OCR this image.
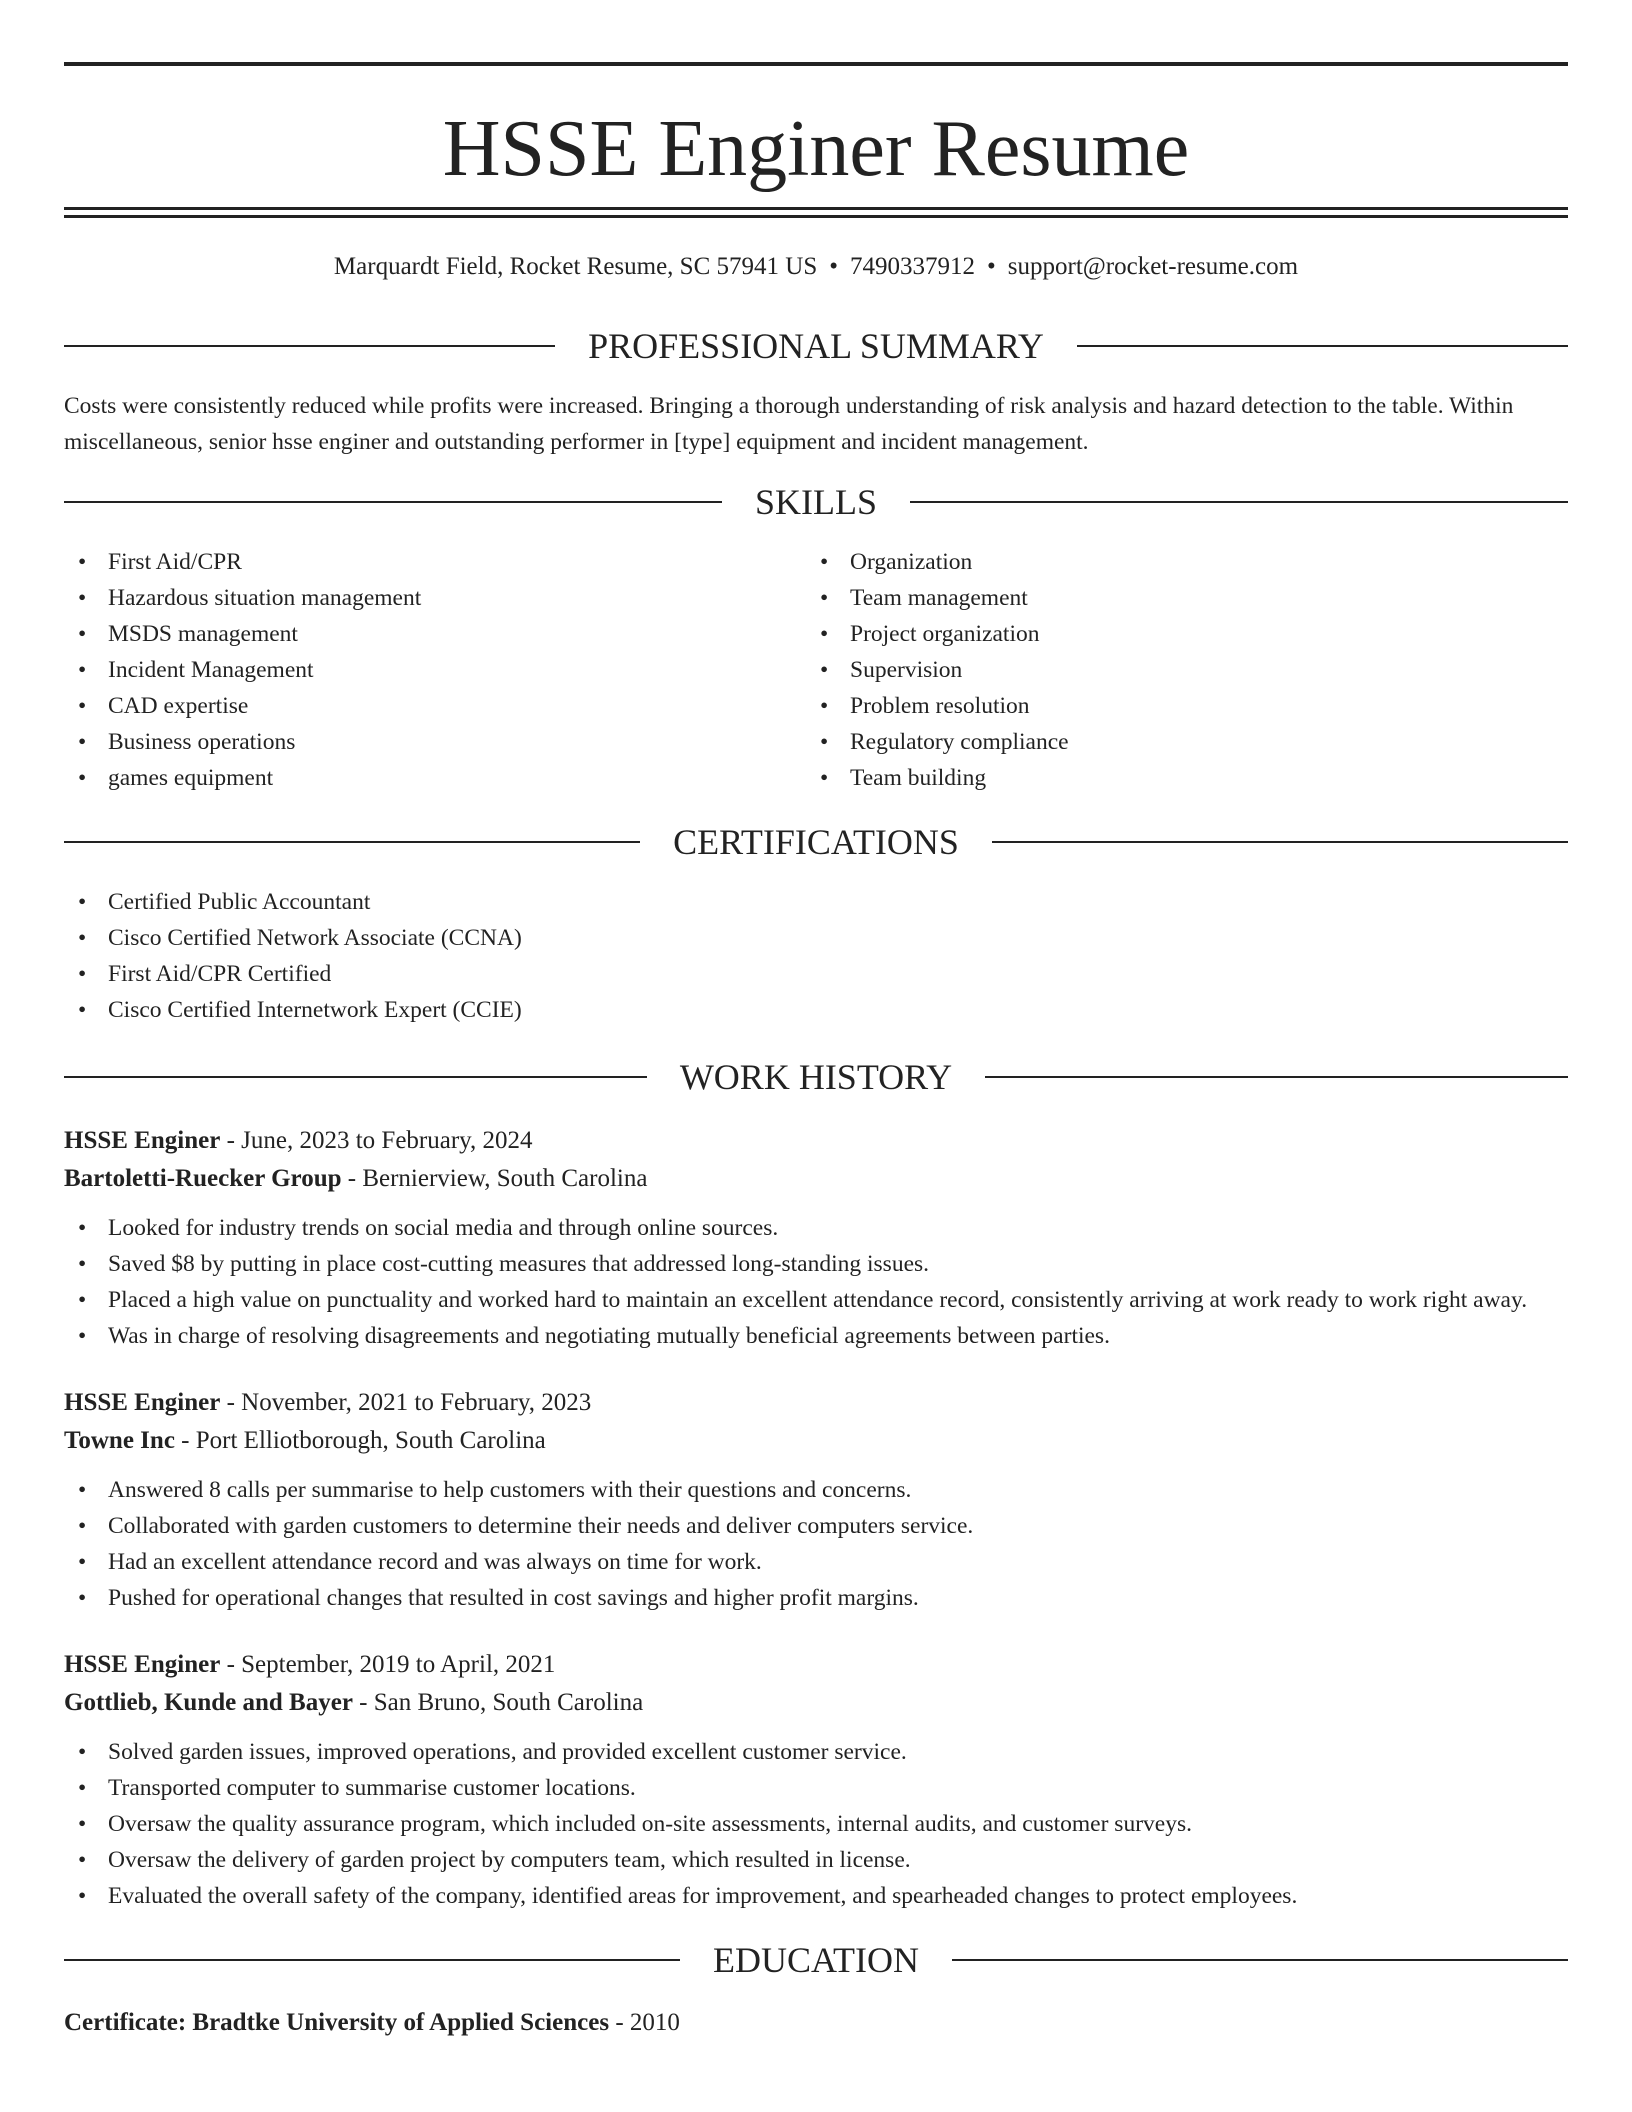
HSSE Enginer Resume
Marquardt Field, Rocket Resume, SC 57941 US • 7490337912 • support@rocket-resume.com
PROFESSIONAL SUMMARY

Costs were consistently reduced while profits were increased. Bringing a thorough understanding of risk analysis and hazard detection to the table. Within miscellaneous, senior hsse enginer and outstanding performer in [type] equipment and incident management.

SKILLS
• First Aid/CPR
• Hazardous situation management
• MSDS management
• Incident Management
• CAD expertise
• Business operations
• games equipment
• Organization
• Team management
• Project organization
• Supervision
• Problem resolution
• Regulatory compliance
• Team building
CERTIFICATIONS
• Certified Public Accountant
• Cisco Certified Network Associate (CCNA)
• First Aid/CPR Certified
• Cisco Certified Internetwork Expert (CCIE)
WORK HISTORY
HSSE Enginer - June, 2023 to February, 2024
Bartoletti-Ruecker Group - Bernierview, South Carolina
• Looked for industry trends on social media and through online sources.
• Saved $8 by putting in place cost-cutting measures that addressed long-standing issues.
• Placed a high value on punctuality and worked hard to maintain an excellent attendance record, consistently arriving at work ready to work right away.
• Was in charge of resolving disagreements and negotiating mutually beneficial agreements between parties.
HSSE Enginer - November, 2021 to February, 2023
Towne Inc - Port Elliotborough, South Carolina
• Answered 8 calls per summarise to help customers with their questions and concerns.
• Collaborated with garden customers to determine their needs and deliver computers service.
• Had an excellent attendance record and was always on time for work.
• Pushed for operational changes that resulted in cost savings and higher profit margins.
HSSE Enginer - September, 2019 to April, 2021
Gottlieb, Kunde and Bayer - San Bruno, South Carolina
• Solved garden issues, improved operations, and provided excellent customer service.
• Transported computer to summarise customer locations.
• Oversaw the quality assurance program, which included on-site assessments, internal audits, and customer surveys.
• Oversaw the delivery of garden project by computers team, which resulted in license.
• Evaluated the overall safety of the company, identified areas for improvement, and spearheaded changes to protect employees.
EDUCATION
Certificate: Bradtke University of Applied Sciences - 2010
